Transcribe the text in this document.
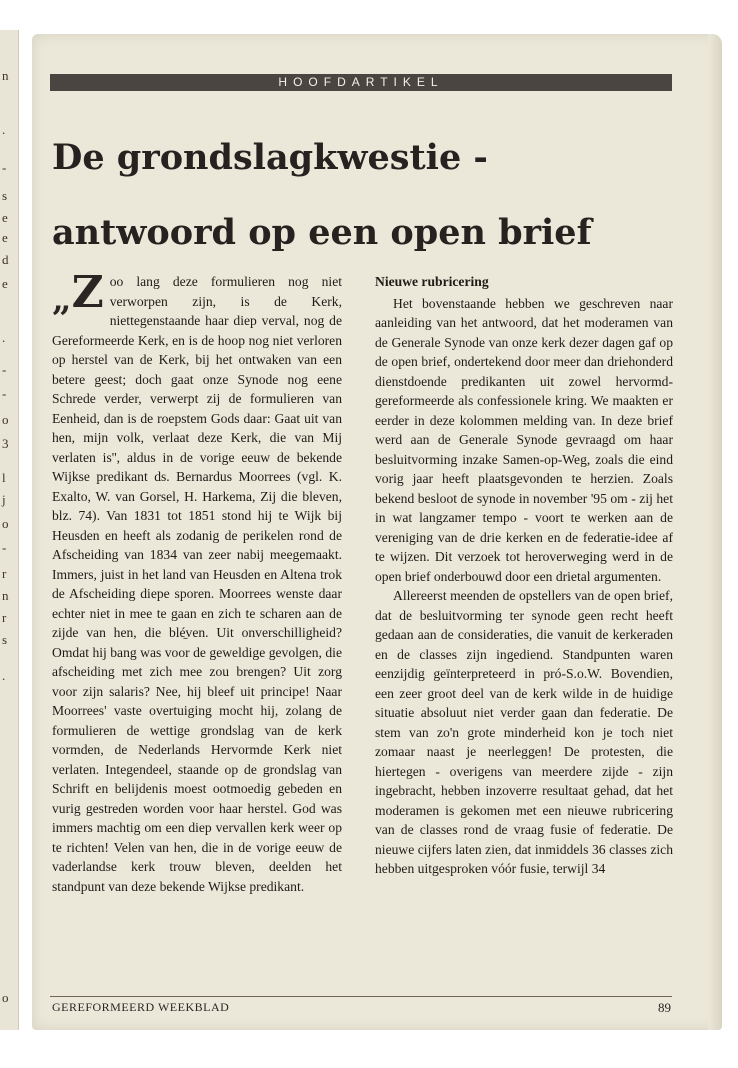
n
.
-
s
e
e
d
e
.
-
-
o
3
l
j
o
-
r
n
r
s
.
o
HOOFDARTIKEL
De grondslagkwestie - antwoord op een open brief

„Z oo lang deze formulieren nog niet verworpen zijn, is de Kerk, niettegenstaande haar diep verval, nog de Gereformeerde Kerk, en is de hoop nog niet verloren op herstel van de Kerk, bij het ontwaken van een betere geest; doch gaat onze Synode nog eene Schrede verder, verwerpt zij de formulieren van Eenheid, dan is de roepstem Gods daar: Gaat uit van hen, mijn volk, verlaat deze Kerk, die van Mij verlaten is'', aldus in de vorige eeuw de bekende Wijkse predikant ds. Bernardus Moorrees (vgl. K. Exalto, W. van Gorsel, H. Harkema, Zij die bleven, blz. 74). Van 1831 tot 1851 stond hij te Wijk bij Heusden en heeft als zodanig de perikelen rond de Afscheiding van 1834 van zeer nabij meegemaakt. Immers, juist in het land van Heusden en Altena trok de Afscheiding diepe sporen. Moorrees wenste daar echter niet in mee te gaan en zich te scharen aan de zijde van hen, die blé̱ven. Uit onverschilligheid? Omdat hij bang was voor de geweldige gevolgen, die afscheiding met zich mee zou brengen? Uit zorg voor zijn salaris? Nee, hij bleef uit principe! Naar Moorrees' vaste overtuiging mocht hij, zolang de formulieren de wettige grondslag van de kerk vormden, de Nederlands Hervormde Kerk niet verlaten. Integendeel, staande op de grondslag van Schrift en belijdenis moest ootmoedig gebeden en vurig gestreden worden voor haar herstel. God was immers machtig om een diep vervallen kerk weer op te richten! Velen van hen, die in de vorige eeuw de vaderlandse kerk trouw bleven, deelden het standpunt van deze bekende Wijkse predikant.

Nieuwe rubricering

Het bovenstaande hebben we geschreven naar aanleiding van het antwoord, dat het moderamen van de Generale Synode van onze kerk dezer dagen gaf op de open brief, ondertekend door meer dan driehonderd dienstdoende predikanten uit zowel hervormd-gereformeerde als confessionele kring. We maakten er eerder in deze kolommen melding van. In deze brief werd aan de Generale Synode gevraagd om haar besluitvorming inzake Samen-op-Weg, zoals die eind vorig jaar heeft plaatsgevonden te herzien. Zoals bekend besloot de synode in november '95 om - zij het in wat langzamer tempo - voort te werken aan de vereniging van de drie kerken en de federatie-idee af te wijzen. Dit verzoek tot heroverweging werd in de open brief onderbouwd door een drietal argumenten.

Allereerst meenden de opstellers van de open brief, dat de besluitvorming ter synode geen recht heeft gedaan aan de consideraties, die vanuit de kerkeraden en de classes zijn ingediend. Standpunten waren eenzijdig geïnterpreteerd in pró-S.o.W. Bovendien, een zeer groot deel van de kerk wilde in de huidige situatie absoluut niet verder gaan dan federatie. De stem van zo'n grote minderheid kon je toch niet zomaar naast je neerleggen! De protesten, die hiertegen - overigens van meerdere zijde - zijn ingebracht, hebben inzoverre resultaat gehad, dat het moderamen is gekomen met een nieuwe rubricering van de classes rond de vraag fusie of federatie. De nieuwe cijfers laten zien, dat inmiddels 36 classes zich hebben uitgesproken vóór fusie, terwijl 34

GEREFORMEERD WEEKBLAD	89
